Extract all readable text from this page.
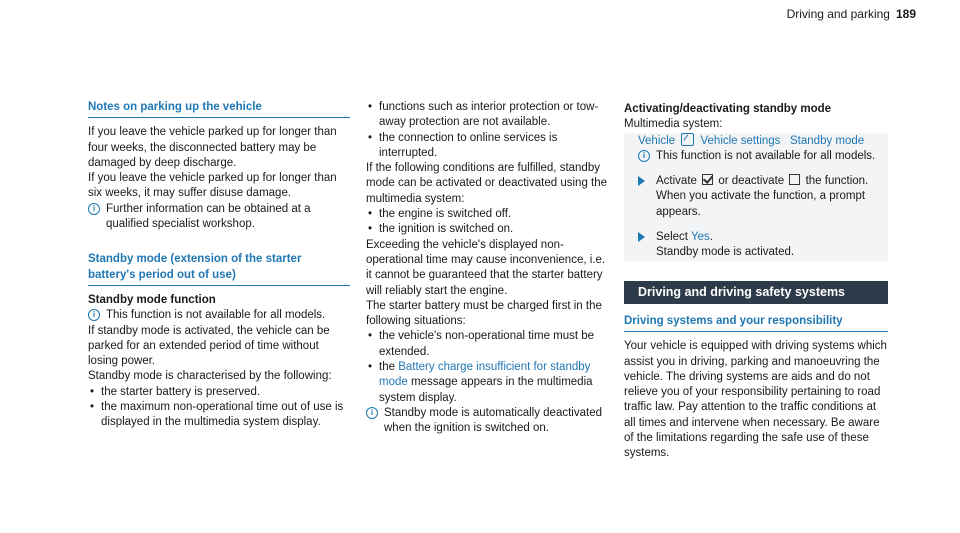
Driving and parking 189
Notes on parking up the vehicle

If you leave the vehicle parked up for longer than four weeks, the disconnected battery may be damaged by deep discharge.

If you leave the vehicle parked up for longer than six weeks, it may suffer disuse damage.

i Further information can be obtained at a qualified specialist workshop.
Standby mode (extension of the starter battery's period out of use)
Standby mode function
i This function is not available for all models.

If standby mode is activated, the vehicle can be parked for an extended period of time without losing power.

Standby mode is characterised by the following:

• the starter battery is preserved.
• the maximum non-operational time out of use is displayed in the multimedia system display.
• functions such as interior protection or tow-away protection are not available.
• the connection to online services is interrupted.

If the following conditions are fulfilled, standby mode can be activated or deactivated using the multimedia system:

• the engine is switched off.
• the ignition is switched on.

Exceeding the vehicle's displayed non-operational time may cause inconvenience, i.e. it cannot be guaranteed that the starter battery will reliably start the engine.

The starter battery must be charged first in the following situations:

• the vehicle's non-operational time must be extended.
• the Battery charge insufficient for standby mode message appears in the multimedia system display.
i Standby mode is automatically deactivated when the ignition is switched on.
Activating/deactivating standby mode

Multimedia system:

Vehicle Vehicle settings Standby mode
i This function is not available for all models.
Activate or deactivate the function.
When you activate the function, a prompt appears.
Select Yes.
Standby mode is activated.
Driving and driving safety systems
Driving systems and your responsibility

Your vehicle is equipped with driving systems which assist you in driving, parking and manoeuvring the vehicle. The driving systems are aids and do not relieve you of your responsibility pertaining to road traffic law. Pay attention to the traffic conditions at all times and intervene when necessary. Be aware of the limitations regarding the safe use of these systems.
